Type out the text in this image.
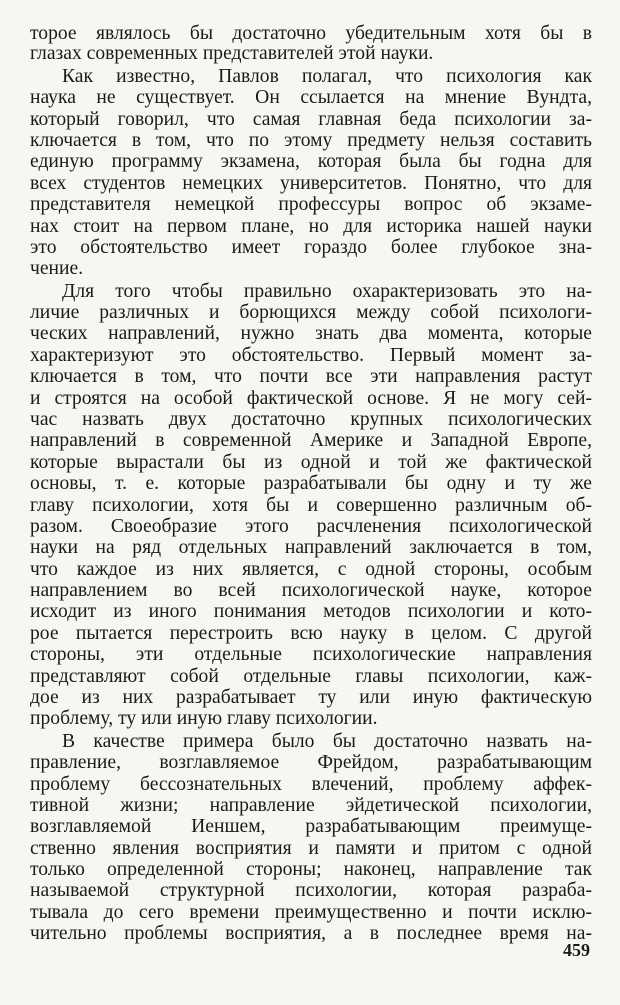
торое являлось бы достаточно убедительным хотя бы в
глазах современных представителей этой науки.
Как известно, Павлов полагал, что психология как
наука не существует. Он ссылается на мнение Вундта,
который говорил, что самая главная беда психологии за-
ключается в том, что по этому предмету нельзя составить
единую программу экзамена, которая была бы годна для
всех студентов немецких университетов. Понятно, что для
представителя немецкой профессуры вопрос об экзаме-
нах стоит на первом плане, но для историка нашей науки
это обстоятельство имеет гораздо более глубокое зна-
чение.
Для того чтобы правильно охарактеризовать это на-
личие различных и борющихся между собой психологи-
ческих направлений, нужно знать два момента, которые
характеризуют это обстоятельство. Первый момент за-
ключается в том, что почти все эти направления растут
и строятся на особой фактической основе. Я не могу сей-
час назвать двух достаточно крупных психологических
направлений в современной Америке и Западной Европе,
которые вырастали бы из одной и той же фактической
основы, т. е. которые разрабатывали бы одну и ту же
главу психологии, хотя бы и совершенно различным об-
разом. Своеобразие этого расчленения психологической
науки на ряд отдельных направлений заключается в том,
что каждое из них является, с одной стороны, особым
направлением во всей психологической науке, которое
исходит из иного понимания методов психологии и кото-
рое пытается перестроить всю науку в целом. С другой
стороны, эти отдельные психологические направления
представляют собой отдельные главы психологии, каж-
дое из них разрабатывает ту или иную фактическую
проблему, ту или иную главу психологии.
В качестве примера было бы достаточно назвать на-
правление, возглавляемое Фрейдом, разрабатывающим
проблему бессознательных влечений, проблему аффек-
тивной жизни; направление эйдетической психологии,
возглавляемой Иеншем, разрабатывающим преимуще-
ственно явления восприятия и памяти и притом с одной
только определенной стороны; наконец, направление так
называемой структурной психологии, которая разраба-
тывала до сего времени преимущественно и почти исклю-
чительно проблемы восприятия, а в последнее время на-
459
